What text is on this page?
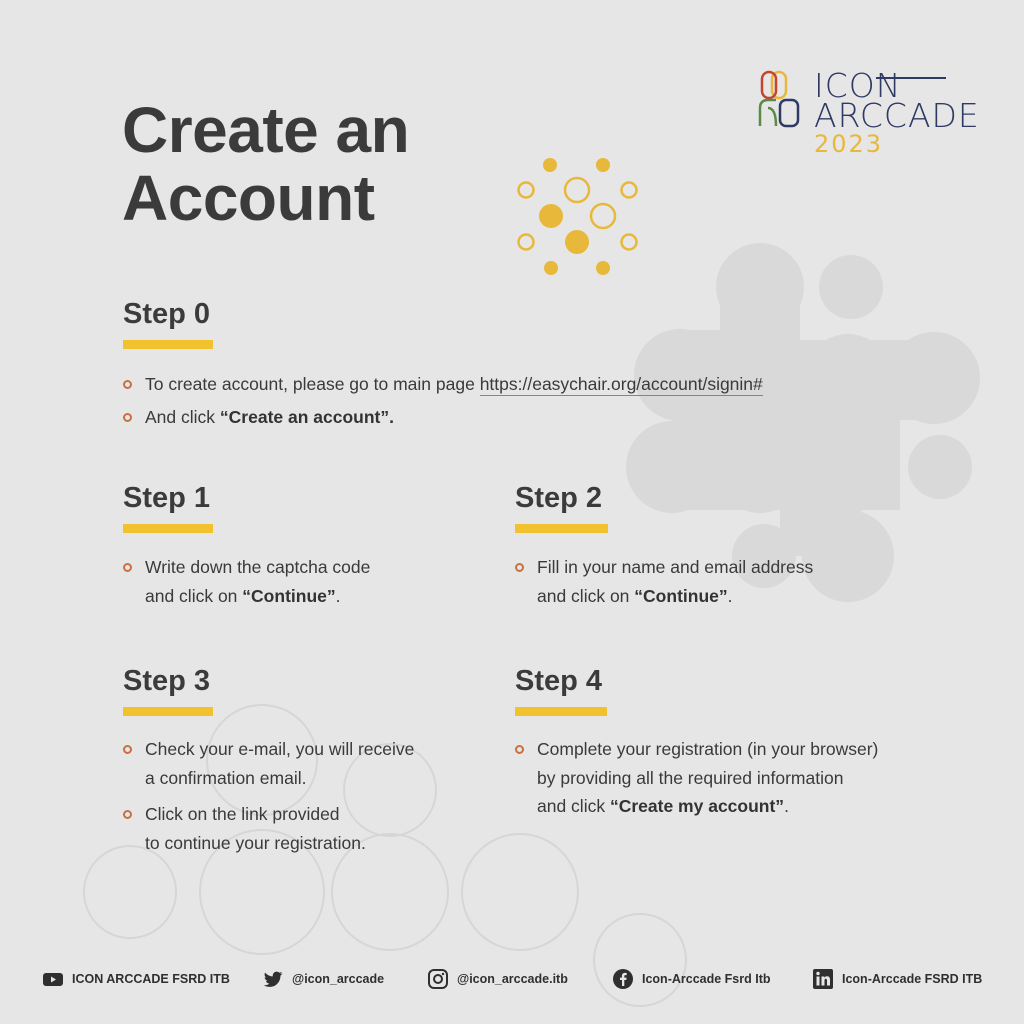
Create an
Account
ICON
ARCCADE
2023
Step 0
To create account, please go to main page https://easychair.org/account/signin#
And click “Create an account”.
Step 1
Write down the captcha code
and click on “Continue”.
Step 2
Fill in your name and email address
and click on “Continue”.
Step 3
Check your e-mail, you will receive
a confirmation email.
Click on the link provided
to continue your registration.
Step 4
Complete your registration (in your browser)
by providing all the required information
and click “Create my account”.
ICON ARCCADE FSRD ITB	@icon_arccade	@icon_arccade.itb	Icon-Arccade Fsrd Itb	Icon-Arccade FSRD ITB
